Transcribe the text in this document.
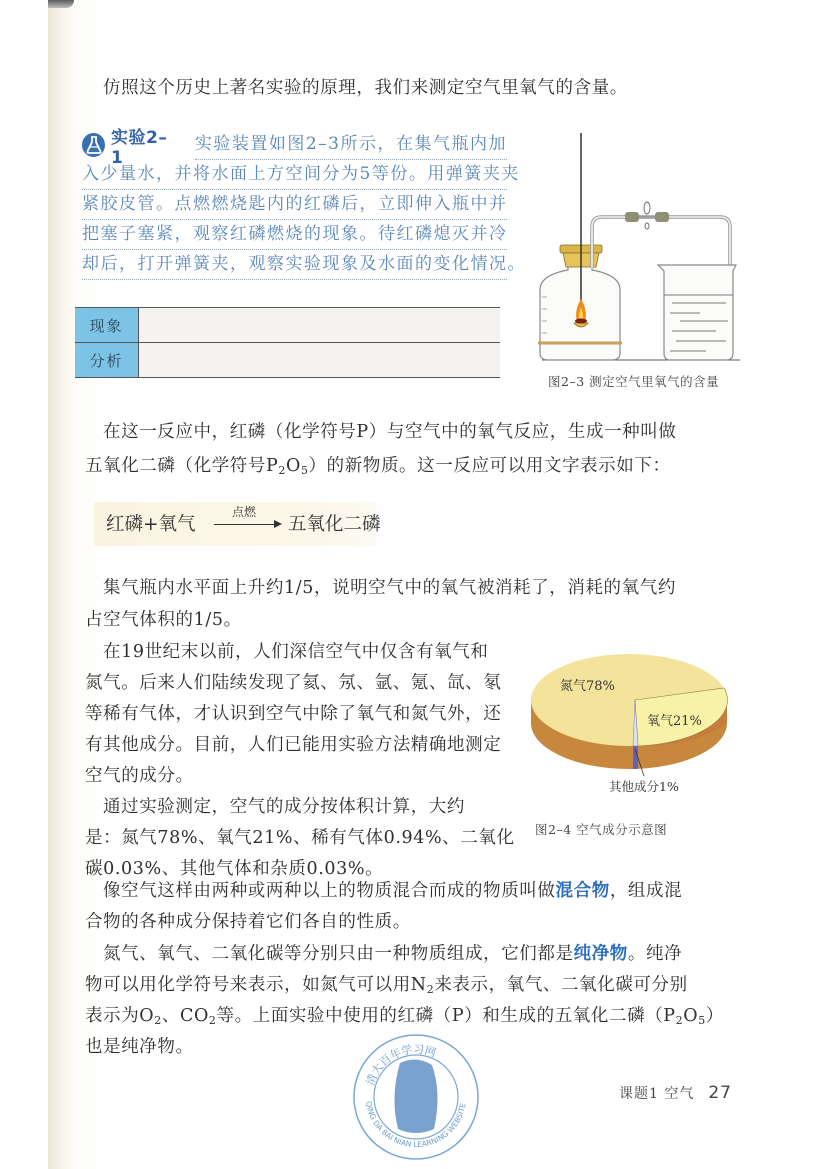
仿照这个历史上著名实验的原理，我们来测定空气里氧气的含量。
实验2–1
实验装置如图2–3所示，在集气瓶内加
入少量水，并将水面上方空间分为5等份。用弹簧夹夹
紧胶皮管。点燃燃烧匙内的红磷后，立即伸入瓶中并
把塞子塞紧，观察红磷燃烧的现象。待红磷熄灭并冷
却后，打开弹簧夹，观察实验现象及水面的变化情况。
现象	
分析	
图2–3 测定空气里氧气的含量
在这一反应中，红磷（化学符号P）与空气中的氧气反应，生成一种叫做
五氧化二磷（化学符号$P_2O_5$）的新物质。这一反应可以用文字表示如下：
红磷+氧气
点燃
五氧化二磷
集气瓶内水平面上升约1/5，说明空气中的氧气被消耗了，消耗的氧气约
占空气体积的1/5。
在19世纪末以前，人们深信空气中仅含有氧气和
氮气。后来人们陆续发现了氦、氖、氩、氪、氙、氡
等稀有气体，才认识到空气中除了氧气和氮气外，还
有其他成分。目前，人们已能用实验方法精确地测定
空气的成分。
通过实验测定，空气的成分按体积计算，大约
是：氮气78%、氧气21%、稀有气体0.94%、二氧化
碳0.03%、其他气体和杂质0.03%。
氮气78%
氧气21%
其他成分1%
图2–4 空气成分示意图
像空气这样由两种或两种以上的物质混合而成的物质叫做混合物，组成混
合物的各种成分保持着它们各自的性质。
氮气、氧气、二氧化碳等分别只由一种物质组成，它们都是纯净物。纯净
物可以用化学符号来表示，如氮气可以用$N_2$来表示，氧气、二氧化碳可分别
表示为$O_2$、$CO_2$等。上面实验中使用的红磷（P）和生成的五氧化二磷$(P_2O_5)$
也是纯净物。
清大百年学习网
QING DA BAI NIAN LEARNING WEBSITE
课题1 空气 27
